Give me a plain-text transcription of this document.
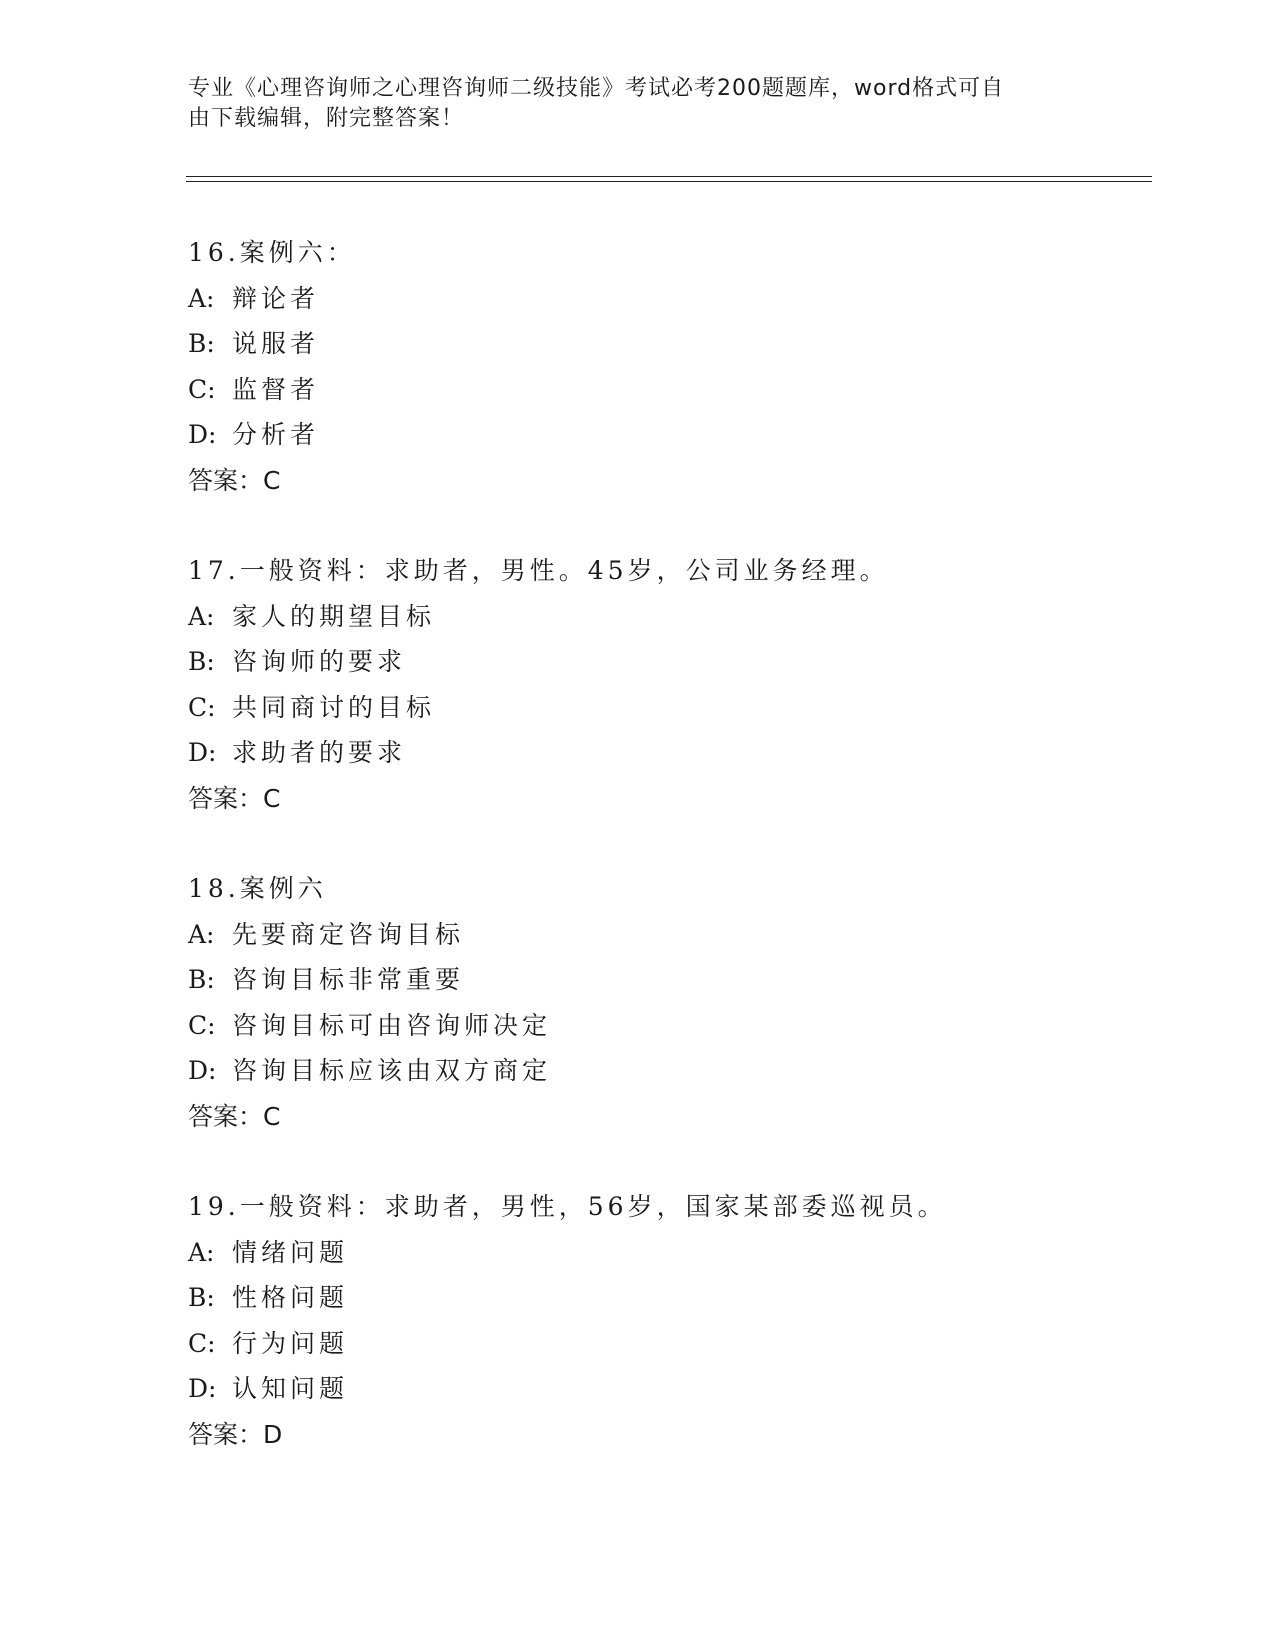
专业《心理咨询师之心理咨询师二级技能》考试必考200题题库，word格式可自
由下载编辑，附完整答案！
16.案例六：
A: 辩论者
B: 说服者
C: 监督者
D: 分析者
答案：C
17.一般资料：求助者，男性。45岁，公司业务经理。
A: 家人的期望目标
B: 咨询师的要求
C: 共同商讨的目标
D: 求助者的要求
答案：C
18.案例六
A: 先要商定咨询目标
B: 咨询目标非常重要
C: 咨询目标可由咨询师决定
D: 咨询目标应该由双方商定
答案：C
19.一般资料：求助者，男性，56岁，国家某部委巡视员。
A: 情绪问题
B: 性格问题
C: 行为问题
D: 认知问题
答案：D
